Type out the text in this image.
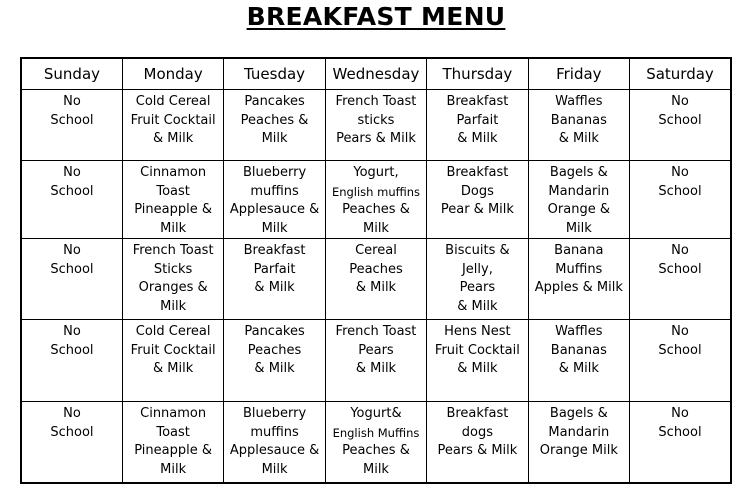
BREAKFAST MENU
Sunday	Monday	Tuesday	Wednesday	Thursday	Friday	Saturday

No
School	Cold Cereal
Fruit Cocktail
& Milk	Pancakes
Peaches &
Milk	French Toast
sticks
Pears & Milk	Breakfast
Parfait
& Milk	Waffles
Bananas
& Milk	No
School

No
School	Cinnamon
Toast
Pineapple &
Milk	Blueberry
muffins
Applesauce &
Milk	Yogurt,
English muffins
Peaches &
Milk	Breakfast
Dogs
Pear & Milk	Bagels &
Mandarin
Orange &
Milk	No
School

No
School	French Toast
Sticks
Oranges &
Milk	Breakfast
Parfait
& Milk	Cereal
Peaches
& Milk	Biscuits &
Jelly,
Pears
& Milk	Banana
Muffins
Apples & Milk	No
School

No
School	Cold Cereal
Fruit Cocktail
& Milk	Pancakes
Peaches
& Milk	French Toast
Pears
& Milk	Hens Nest
Fruit Cocktail
& Milk	Waffles
Bananas
& Milk	No
School

No
School	Cinnamon
Toast
Pineapple &
Milk	Blueberry
muffins
Applesauce &
Milk	Yogurt&
English Muffins
Peaches &
Milk	Breakfast
dogs
Pears & Milk	Bagels &
Mandarin
Orange Milk	No
School
